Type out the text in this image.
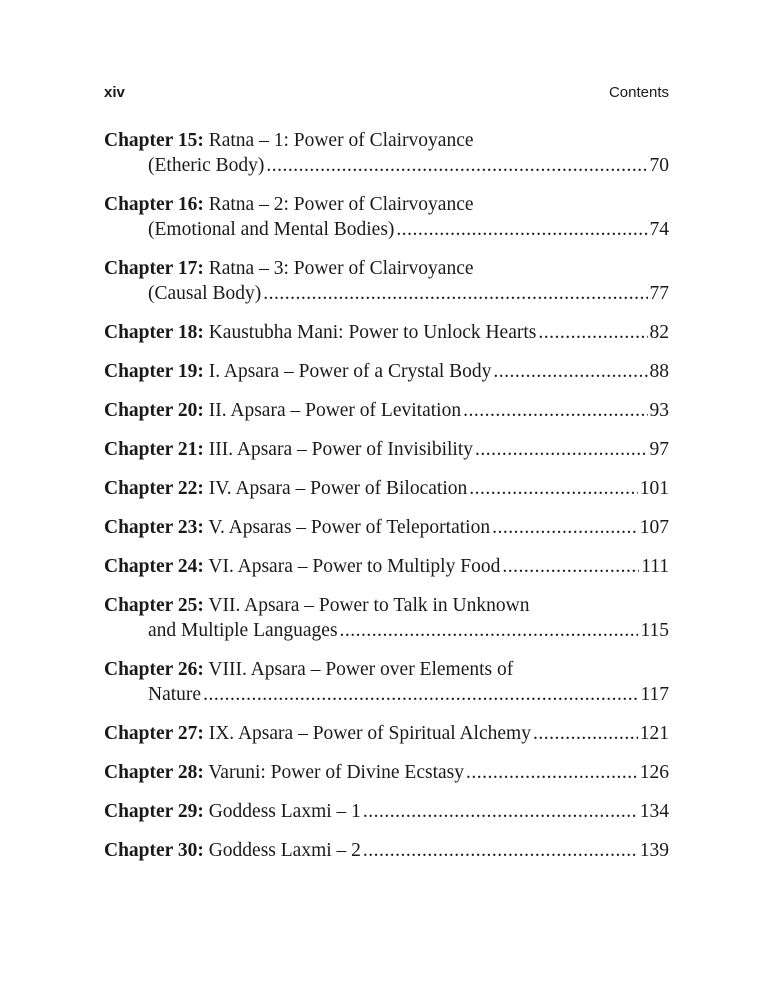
xiv	Contents
Chapter 15: Ratna – 1: Power of Clairvoyance
(Etheric Body) .....	70
Chapter 16: Ratna – 2: Power of Clairvoyance
(Emotional and Mental Bodies) .....	74
Chapter 17: Ratna – 3: Power of Clairvoyance
(Causal Body) .....	77
Chapter 18: Kaustubha Mani: Power to Unlock Hearts .....	82
Chapter 19: I. Apsara – Power of a Crystal Body .....	88
Chapter 20: II. Apsara – Power of Levitation .....	93
Chapter 21: III. Apsara – Power of Invisibility .....	97
Chapter 22: IV. Apsara – Power of Bilocation .....	101
Chapter 23: V. Apsaras – Power of Teleportation .....	107
Chapter 24: VI. Apsara – Power to Multiply Food .....	111
Chapter 25: VII. Apsara – Power to Talk in Unknown
and Multiple Languages .....	115
Chapter 26: VIII. Apsara – Power over Elements of
Nature .....	117
Chapter 27: IX. Apsara – Power of Spiritual Alchemy .....	121
Chapter 28: Varuni: Power of Divine Ecstasy .....	126
Chapter 29: Goddess Laxmi – 1 .....	134
Chapter 30: Goddess Laxmi – 2 .....	139
